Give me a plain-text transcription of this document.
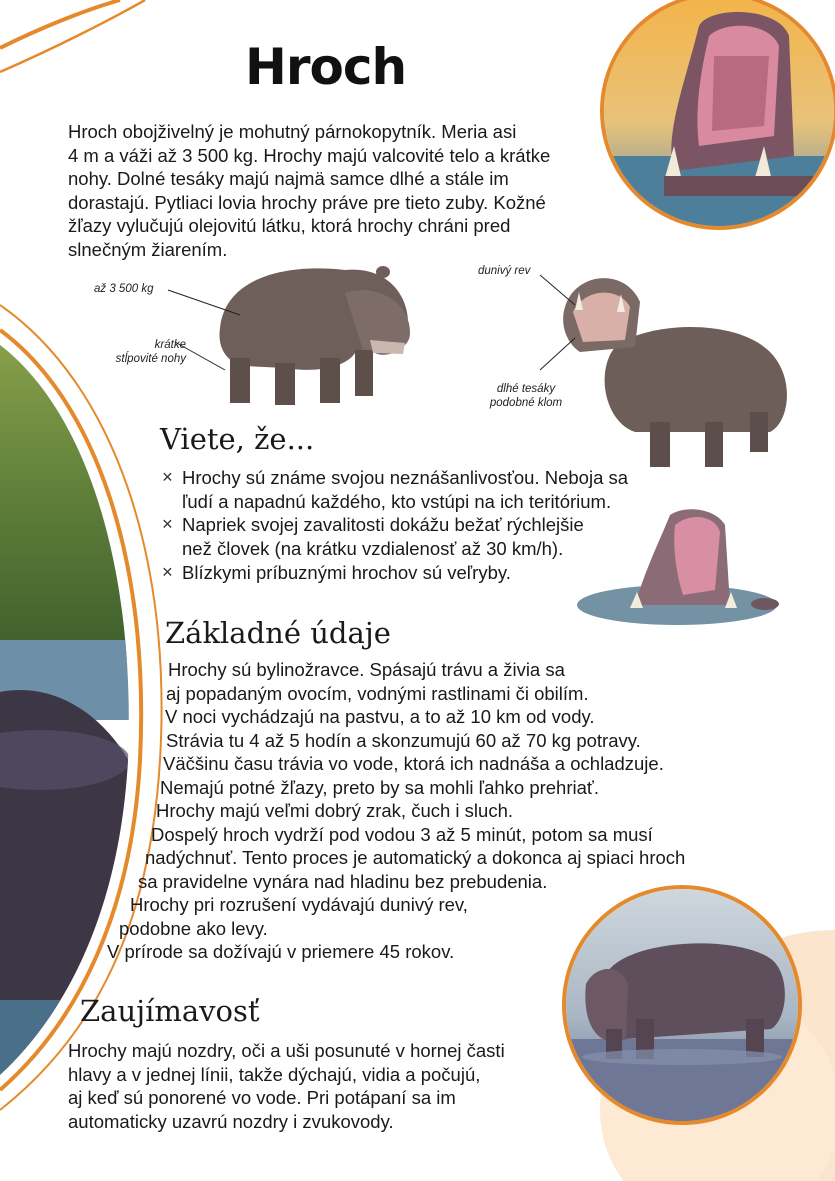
Hroch
Hroch obojživelný je mohutný párnokopytník. Meria asi
4 m a váži až 3 500 kg. Hrochy majú valcovité telo a krátke
nohy. Dolné tesáky majú najmä samce dlhé a stále im
dorastajú. Pytliaci lovia hrochy práve pre tieto zuby. Kožné
žľazy vylučujú olejovitú látku, ktorá hrochy chráni pred
slnečným žiarením.
až 3 500 kg
krátke
stĺpovité nohy
dunivý rev
dlhé tesáky
podobné klom
Viete, že...
× Hrochy sú známe svojou neznášanlivosťou. Neboja sa
ľudí a napadnú každého, kto vstúpi na ich teritórium.
× Napriek svojej zavalitosti dokážu bežať rýchlejšie
než človek (na krátku vzdialenosť až 30 km/h).
× Blízkymi príbuznými hrochov sú veľryby.
Základné údaje
Hrochy sú bylinožravce. Spásajú trávu a živia sa
aj popadaným ovocím, vodnými rastlinami či obilím.
V noci vychádzajú na pastvu, a to až 10 km od vody.
Strávia tu 4 až 5 hodín a skonzumujú 60 až 70 kg potravy.
Väčšinu času trávia vo vode, ktorá ich nadnáša a ochladzuje.
Nemajú potné žľazy, preto by sa mohli ľahko prehriať.
Hrochy majú veľmi dobrý zrak, čuch i sluch.
Dospelý hroch vydrží pod vodou 3 až 5 minút, potom sa musí
nadýchnuť. Tento proces je automatický a dokonca aj spiaci hroch
sa pravidelne vynára nad hladinu bez prebudenia.
Hrochy pri rozrušení vydávajú dunivý rev,
podobne ako levy.
V prírode sa dožívajú v priemere 45 rokov.
Zaujímavosť
Hrochy majú nozdry, oči a uši posunuté v hornej časti
hlavy a v jednej línii, takže dýchajú, vidia a počujú,
aj keď sú ponorené vo vode. Pri potápaní sa im
automaticky uzavrú nozdry i zvukovody.
